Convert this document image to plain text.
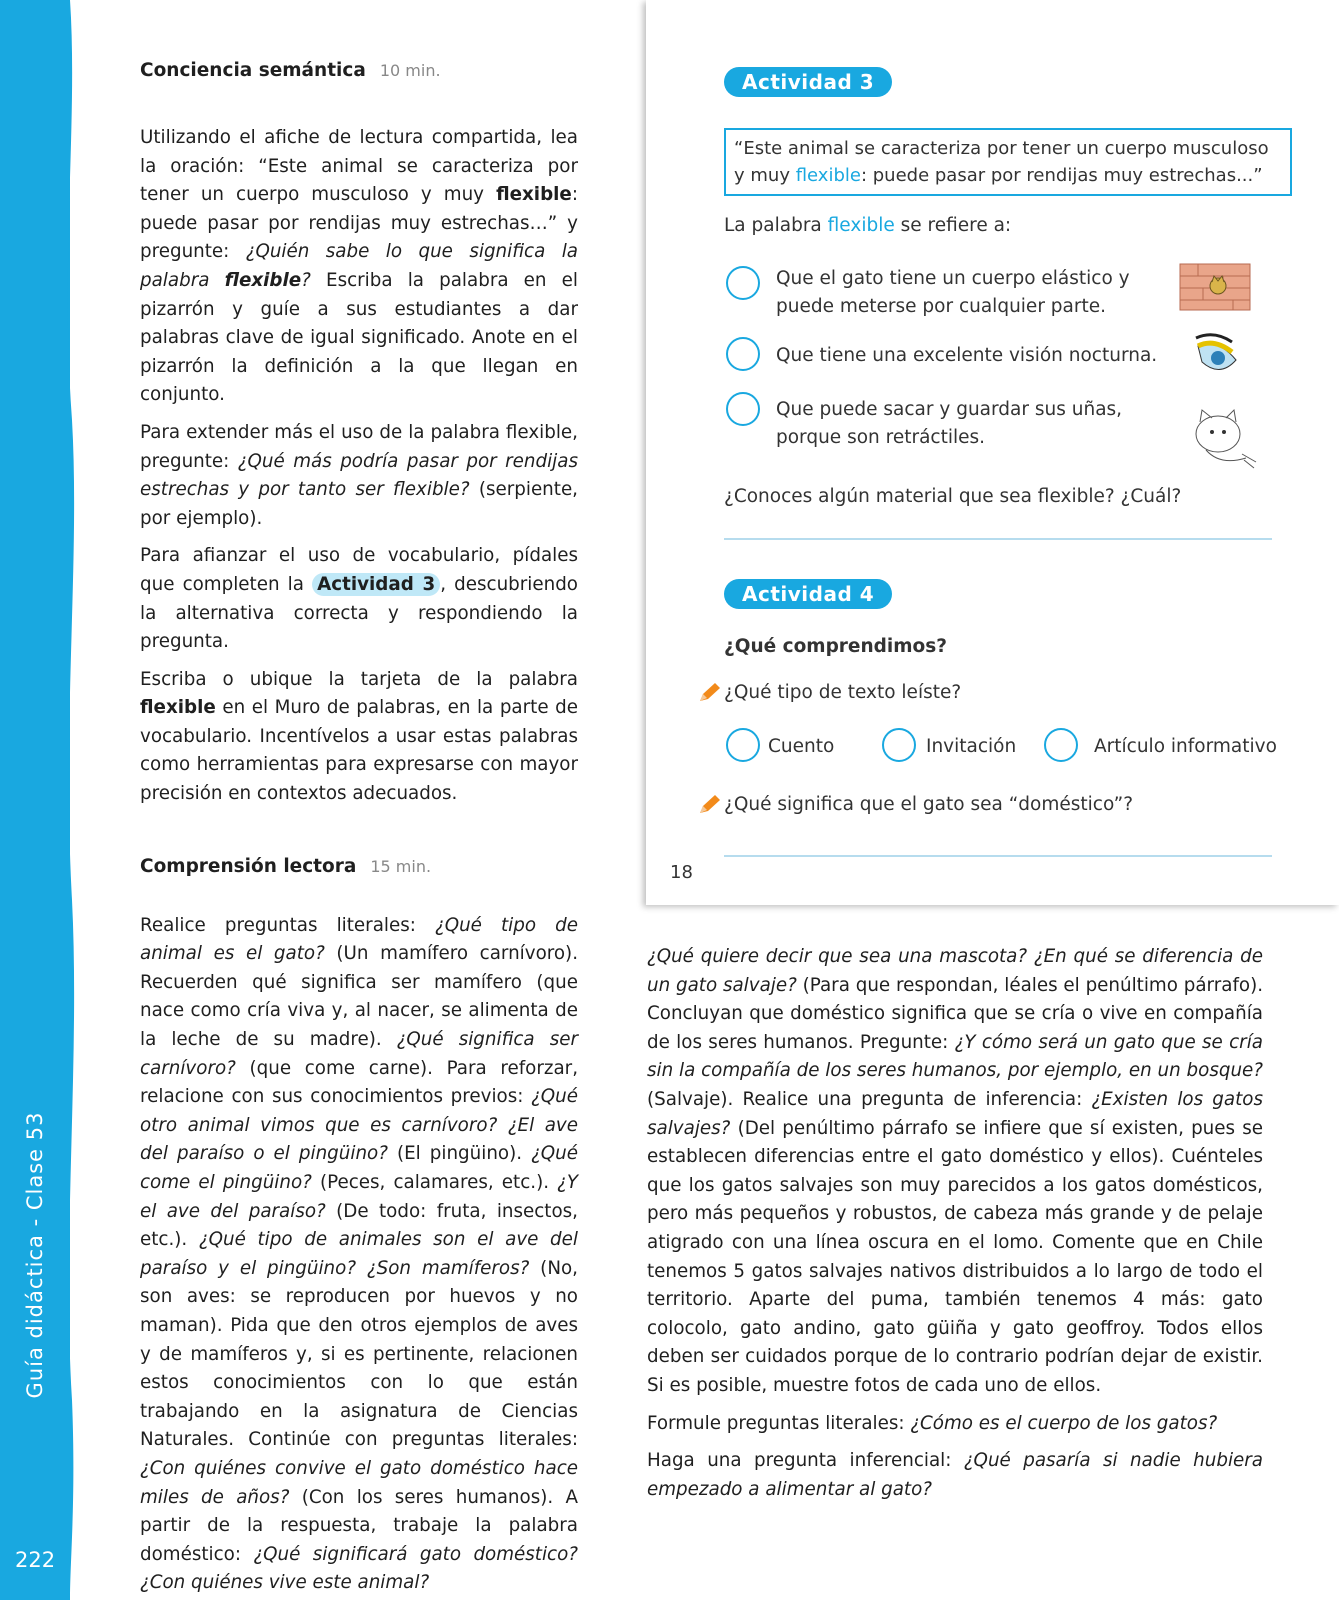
Guía didáctica - Clase 53
222
Conciencia semántica 10 min.

Utilizando el afiche de lectura compartida, lea la oración: “Este animal se caracteriza por tener un cuerpo musculoso y muy flexible: puede pasar por rendijas muy estrechas…” y pregunte: ¿Quién sabe lo que significa la palabra flexible? Escriba la palabra en el pizarrón y guíe a sus estudiantes a dar palabras clave de igual significado. Anote en el pizarrón la definición a la que llegan en conjunto.

Para extender más el uso de la palabra flexible, pregunte: ¿Qué más podría pasar por rendijas estrechas y por tanto ser flexible? (serpiente, por ejemplo).

Para afianzar el uso de vocabulario, pídales que completen la Actividad 3 , descubriendo la alternativa correcta y respondiendo la pregunta.

Escriba o ubique la tarjeta de la palabra flexible en el Muro de palabras, en la parte de vocabulario. Incentívelos a usar estas palabras como herramientas para expresarse con mayor precisión en contextos adecuados.

Comprensión lectora 15 min.

Realice preguntas literales: ¿Qué tipo de animal es el gato? (Un mamífero carnívoro). Recuerden qué significa ser mamífero (que nace como cría viva y, al nacer, se alimenta de la leche de su madre). ¿Qué significa ser carnívoro? (que come carne). Para reforzar, relacione con sus conocimientos previos: ¿Qué otro animal vimos que es carnívoro? ¿El ave del paraíso o el pingüino? (El pingüino). ¿Qué come el pingüino? (Peces, calamares, etc.). ¿Y el ave del paraíso? (De todo: fruta, insectos, etc.). ¿Qué tipo de animales son el ave del paraíso y el pingüino? ¿Son mamíferos? (No, son aves: se reproducen por huevos y no maman). Pida que den otros ejemplos de aves y de mamíferos y, si es pertinente, relacionen estos conocimientos con lo que están trabajando en la asignatura de Ciencias Naturales. Continúe con preguntas literales: ¿Con quiénes convive el gato doméstico hace miles de años? (Con los seres humanos). A partir de la respuesta, trabaje la palabra doméstico: ¿Qué significará gato doméstico? ¿Con quiénes vive este animal?

Actividad 3
“Este animal se caracteriza por tener un cuerpo musculoso y muy flexible: puede pasar por rendijas muy estrechas...”
La palabra flexible se refiere a:
Que el gato tiene un cuerpo elástico y puede meterse por cualquier parte.
Que tiene una excelente visión nocturna.
Que puede sacar y guardar sus uñas, porque son retráctiles.
¿Conoces algún material que sea flexible? ¿Cuál?
Actividad 4
¿Qué comprendimos?
¿Qué tipo de texto leíste?
Cuento	Invitación	Artículo informativo
¿Qué significa que el gato sea “doméstico”?
18

¿Qué quiere decir que sea una mascota? ¿En qué se diferencia de un gato salvaje? (Para que respondan, léales el penúltimo párrafo). Concluyan que doméstico significa que se cría o vive en compañía de los seres humanos. Pregunte: ¿Y cómo será un gato que se cría sin la compañía de los seres humanos, por ejemplo, en un bosque? (Salvaje). Realice una pregunta de inferencia: ¿Existen los gatos salvajes? (Del penúltimo párrafo se infiere que sí existen, pues se establecen diferencias entre el gato doméstico y ellos). Cuénteles que los gatos salvajes son muy parecidos a los gatos domésticos, pero más pequeños y robustos, de cabeza más grande y de pelaje atigrado con una línea oscura en el lomo. Comente que en Chile tenemos 5 gatos salvajes nativos distribuidos a lo largo de todo el territorio. Aparte del puma, también tenemos 4 más: gato colocolo, gato andino, gato güiña y gato geoffroy. Todos ellos deben ser cuidados porque de lo contrario podrían dejar de existir. Si es posible, muestre fotos de cada uno de ellos.

Formule preguntas literales: ¿Cómo es el cuerpo de los gatos?

Haga una pregunta inferencial: ¿Qué pasaría si nadie hubiera empezado a alimentar al gato?
